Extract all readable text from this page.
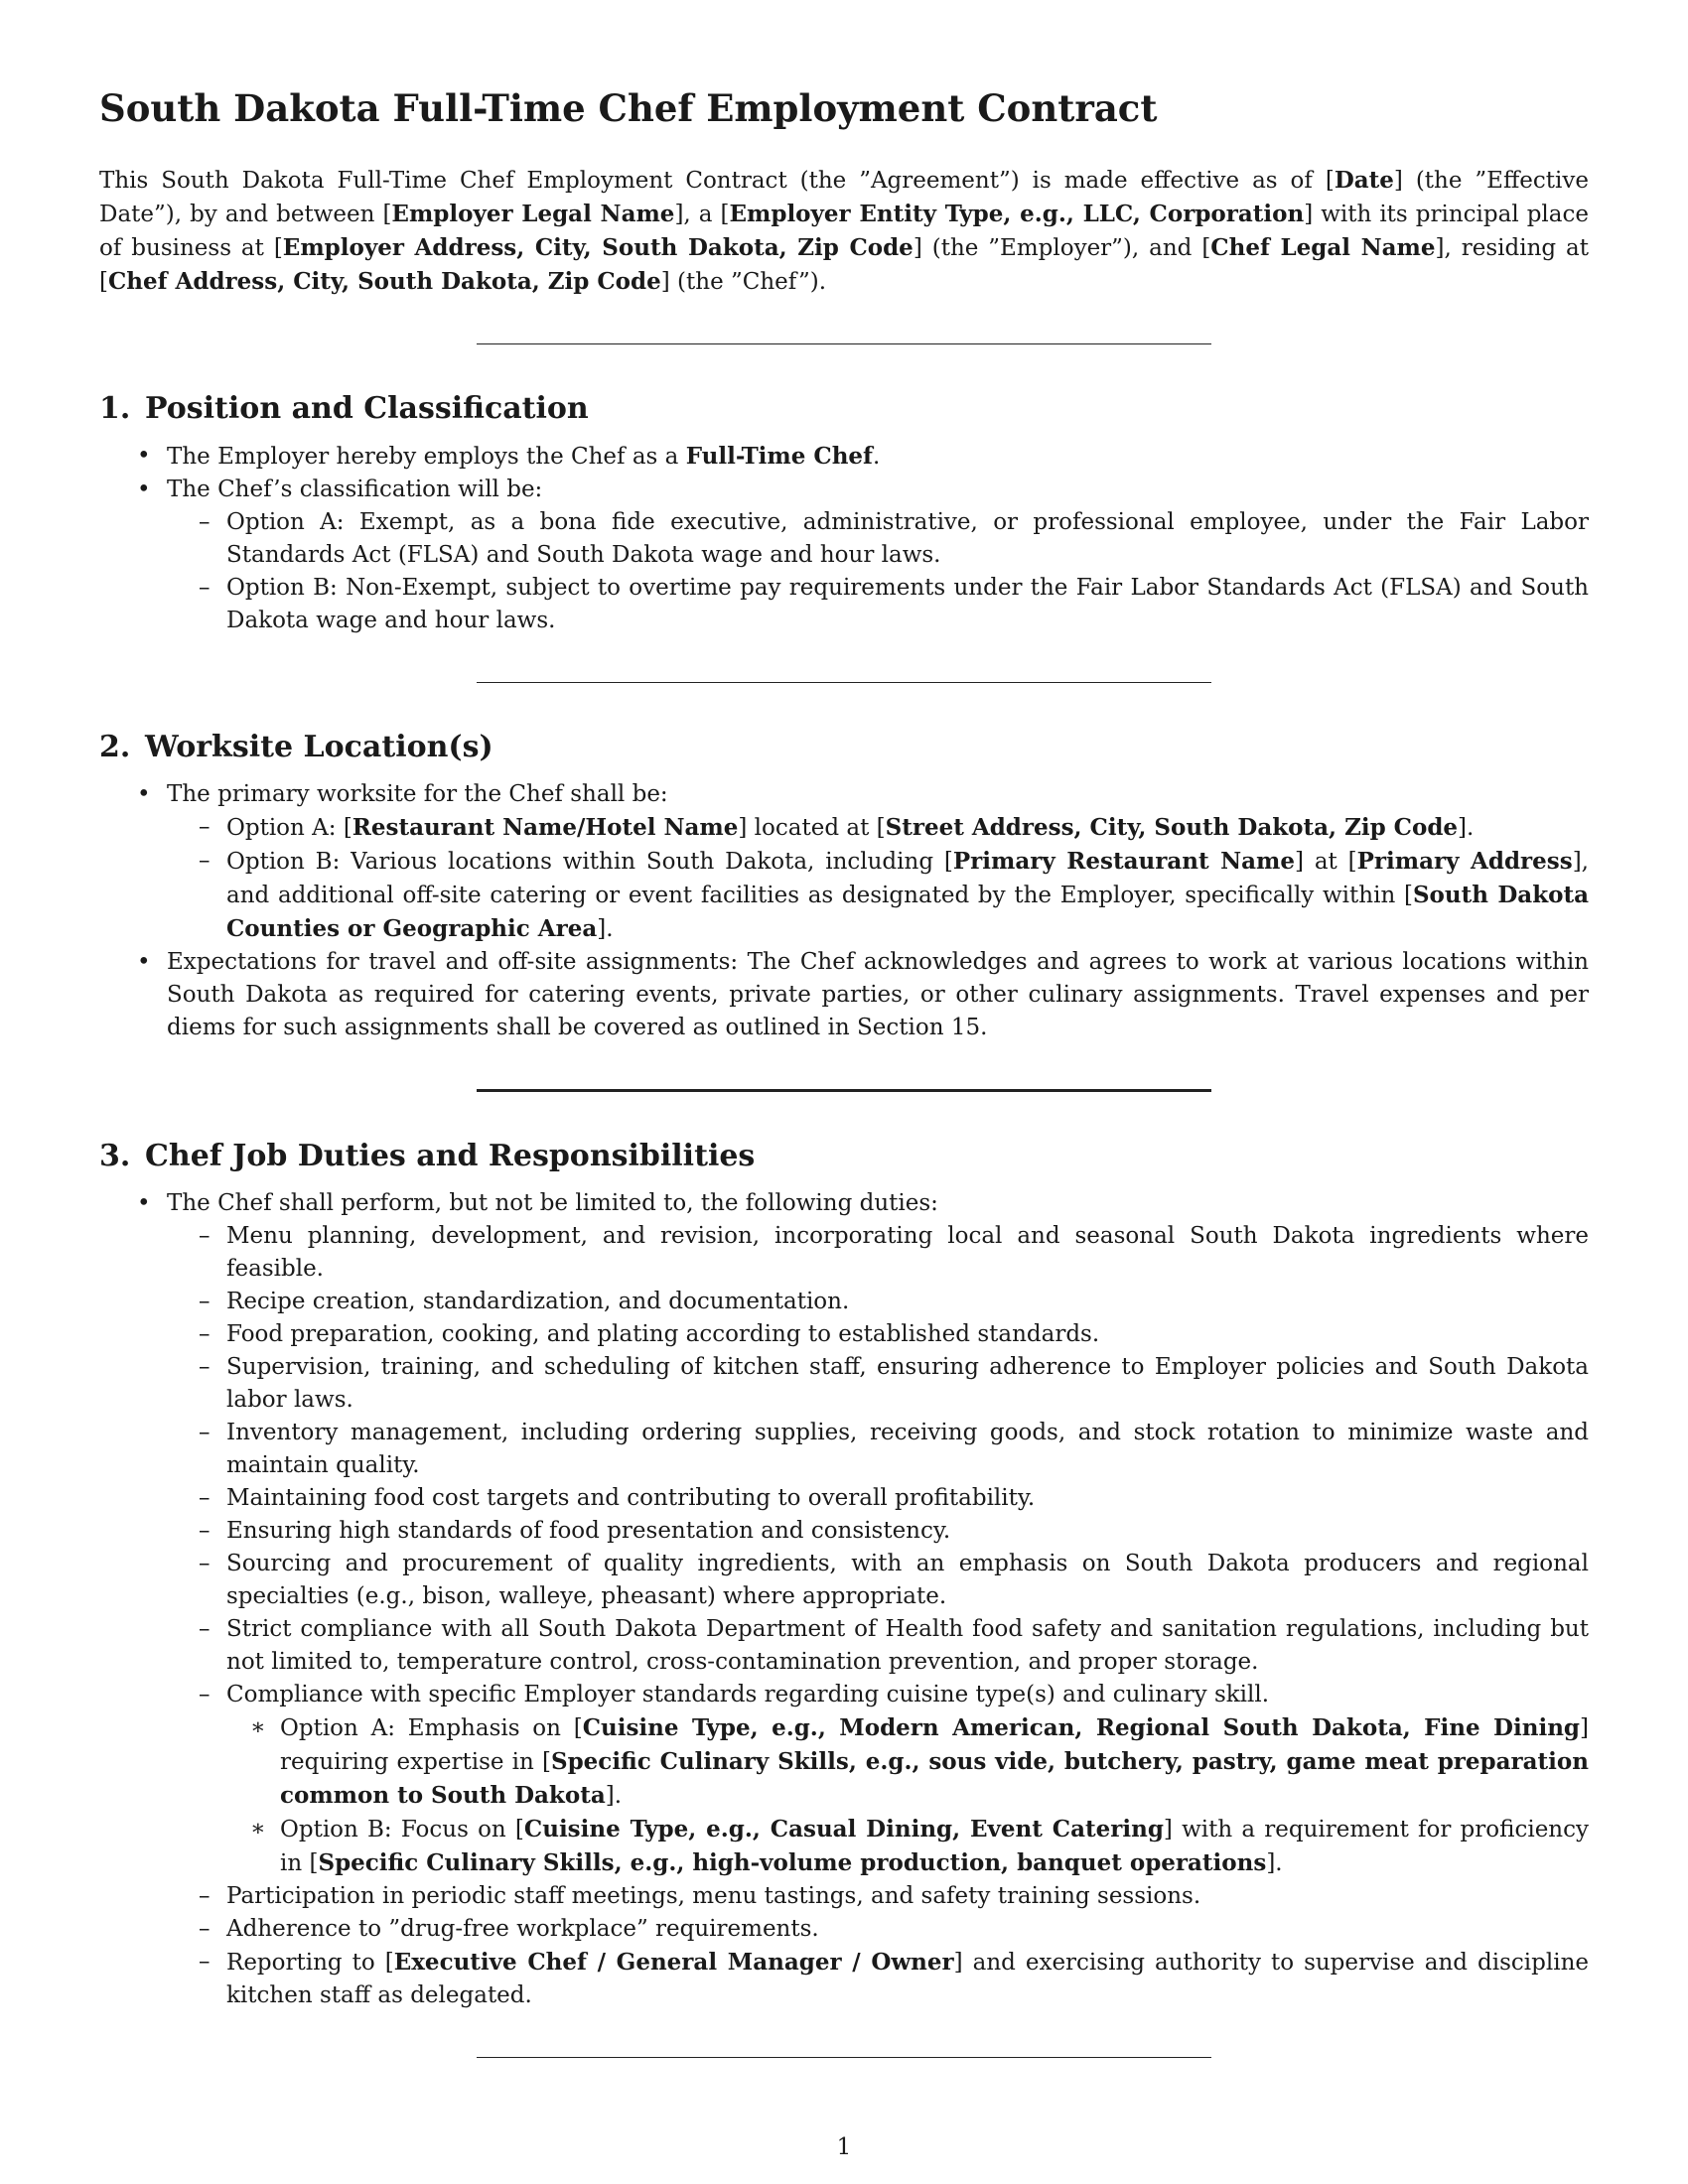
South Dakota Full-Time Chef Employment Contract

This South Dakota Full-Time Chef Employment Contract (the ”Agreement”) is made effective as of [Date] (the ”Effective Date”), by and between [Employer Legal Name], a [Employer Entity Type, e.g., LLC, Corporation] with its principal place of business at [Employer Address, City, South Dakota, Zip Code] (the ”Employer”), and [Chef Legal Name], residing at [Chef Address, City, South Dakota, Zip Code] (the ”Chef”).

1. Position and Classification
• The Employer hereby employs the Chef as a Full-Time Chef.
• The Chef’s classification will be:
– Option A: Exempt, as a bona fide executive, administrative, or professional employee, under the Fair Labor Standards Act (FLSA) and South Dakota wage and hour laws.
– Option B: Non-Exempt, subject to overtime pay requirements under the Fair Labor Standards Act (FLSA) and South Dakota wage and hour laws.
2. Worksite Location(s)
• The primary worksite for the Chef shall be:
– Option A: [Restaurant Name/Hotel Name] located at [Street Address, City, South Dakota, Zip Code].
– Option B: Various locations within South Dakota, including [Primary Restaurant Name] at [Primary Address], and additional off-site catering or event facilities as designated by the Employer, specifically within [South Dakota Counties or Geographic Area].
• Expectations for travel and off-site assignments: The Chef acknowledges and agrees to work at various locations within South Dakota as required for catering events, private parties, or other culinary assignments. Travel expenses and per diems for such assignments shall be covered as outlined in Section 15.
3. Chef Job Duties and Responsibilities
• The Chef shall perform, but not be limited to, the following duties:
– Menu planning, development, and revision, incorporating local and seasonal South Dakota ingredients where feasible.
– Recipe creation, standardization, and documentation.
– Food preparation, cooking, and plating according to established standards.
– Supervision, training, and scheduling of kitchen staff, ensuring adherence to Employer policies and South Dakota labor laws.
– Inventory management, including ordering supplies, receiving goods, and stock rotation to minimize waste and maintain quality.
– Maintaining food cost targets and contributing to overall profitability.
– Ensuring high standards of food presentation and consistency.
– Sourcing and procurement of quality ingredients, with an emphasis on South Dakota producers and regional specialties (e.g., bison, walleye, pheasant) where appropriate.
– Strict compliance with all South Dakota Department of Health food safety and sanitation regulations, including but not limited to, temperature control, cross-contamination prevention, and proper storage.
– Compliance with specific Employer standards regarding cuisine type(s) and culinary skill.
∗ Option A: Emphasis on [Cuisine Type, e.g., Modern American, Regional South Dakota, Fine Dining] requiring expertise in [Specific Culinary Skills, e.g., sous vide, butchery, pastry, game meat preparation common to South Dakota].
∗ Option B: Focus on [Cuisine Type, e.g., Casual Dining, Event Catering] with a requirement for proficiency in [Specific Culinary Skills, e.g., high-volume production, banquet operations].
– Participation in periodic staff meetings, menu tastings, and safety training sessions.
– Adherence to ”drug-free workplace” requirements.
– Reporting to [Executive Chef / General Manager / Owner] and exercising authority to supervise and discipline kitchen staff as delegated.
1
